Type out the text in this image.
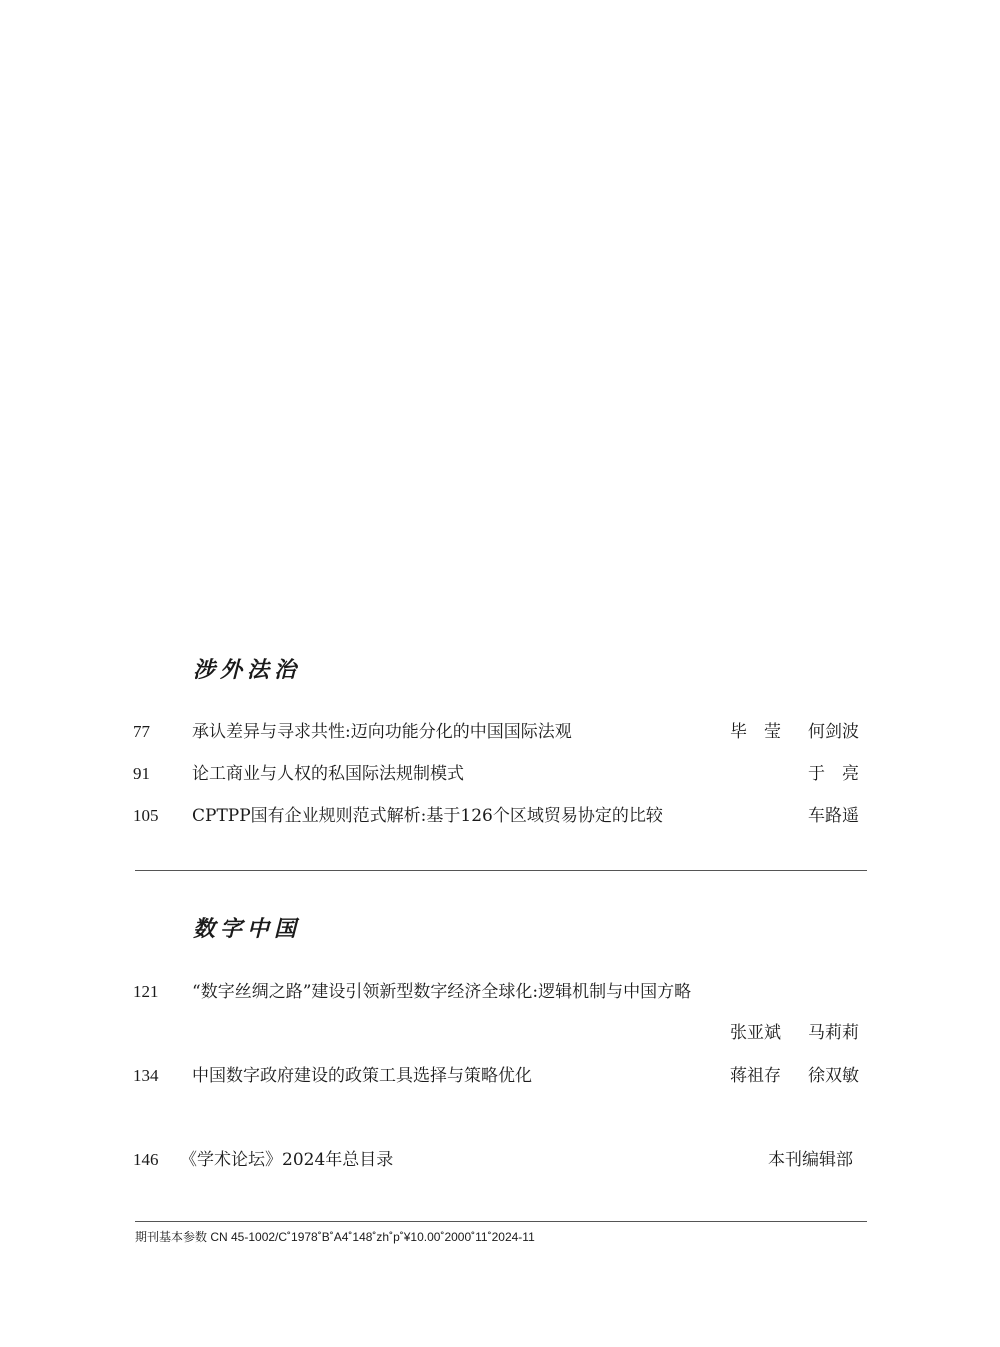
涉外法治
77 承认差异与寻求共性:迈向功能分化的中国国际法观	毕　莹 何剑波
91 论工商业与人权的私国际法规制模式	于　亮
105 CPTPP国有企业规则范式解析:基于126个区域贸易协定的比较	车路遥
数字中国
121 “数字丝绸之路”建设引领新型数字经济全球化:逻辑机制与中国方略
张亚斌 马莉莉
134 中国数字政府建设的政策工具选择与策略优化	蒋祖存 徐双敏
146 《学术论坛》2024年总目录	本刊编辑部
期刊基本参数 CN 45-1002/C˚1978˚B˚A4˚148˚zh˚p˚¥10.00˚2000˚11˚2024-11
